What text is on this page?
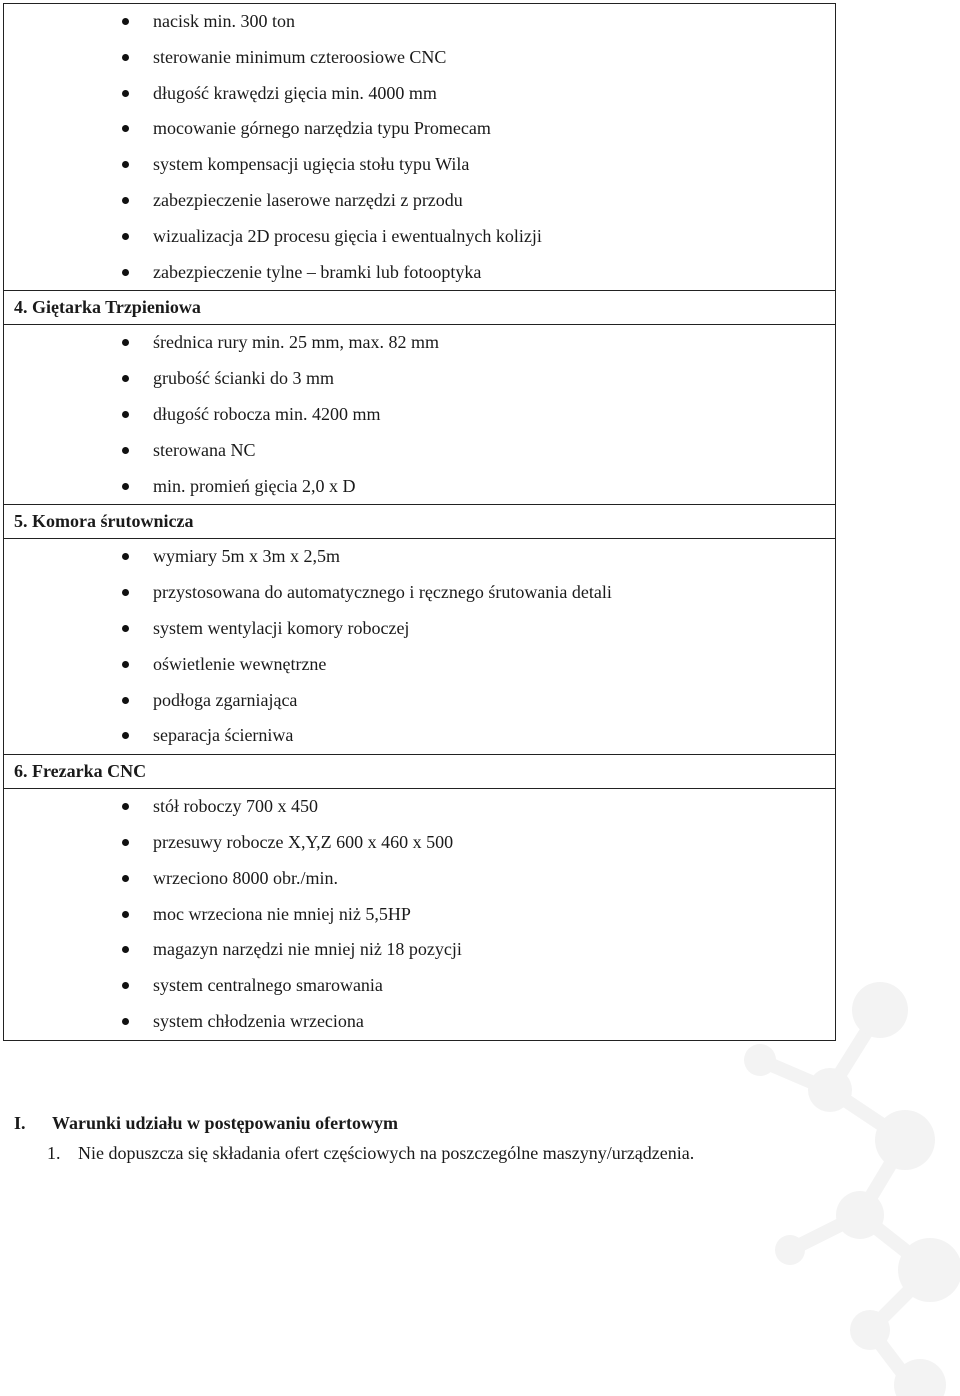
nacisk min. 300 ton
sterowanie minimum czteroosiowe CNC
długość krawędzi gięcia min. 4000 mm
mocowanie górnego narzędzia typu Promecam
system kompensacji ugięcia stołu typu Wila
zabezpieczenie laserowe narzędzi z przodu
wizualizacja 2D procesu gięcia i ewentualnych kolizji
zabezpieczenie tylne – bramki lub fotooptyka

4. Giętarka Trzpieniowa

średnica rury min. 25 mm, max. 82 mm
grubość ścianki do 3 mm
długość robocza min. 4200 mm
sterowana NC
min. promień gięcia 2,0 x D

5. Komora śrutownicza

wymiary 5m x 3m x 2,5m
przystosowana do automatycznego i ręcznego śrutowania detali
system wentylacji komory roboczej
oświetlenie wewnętrzne
podłoga zgarniająca
separacja ścierniwa

6. Frezarka CNC

stół roboczy 700 x 450
przesuwy robocze X,Y,Z 600 x 460 x 500
wrzeciono 8000 obr./min.
moc wrzeciona nie mniej niż 5,5HP
magazyn narzędzi nie mniej niż 18 pozycji
system centralnego smarowania
system chłodzenia wrzeciona
I. Warunki udziału w postępowaniu ofertowym
1. Nie dopuszcza się składania ofert częściowych na poszczególne maszyny/urządzenia.
